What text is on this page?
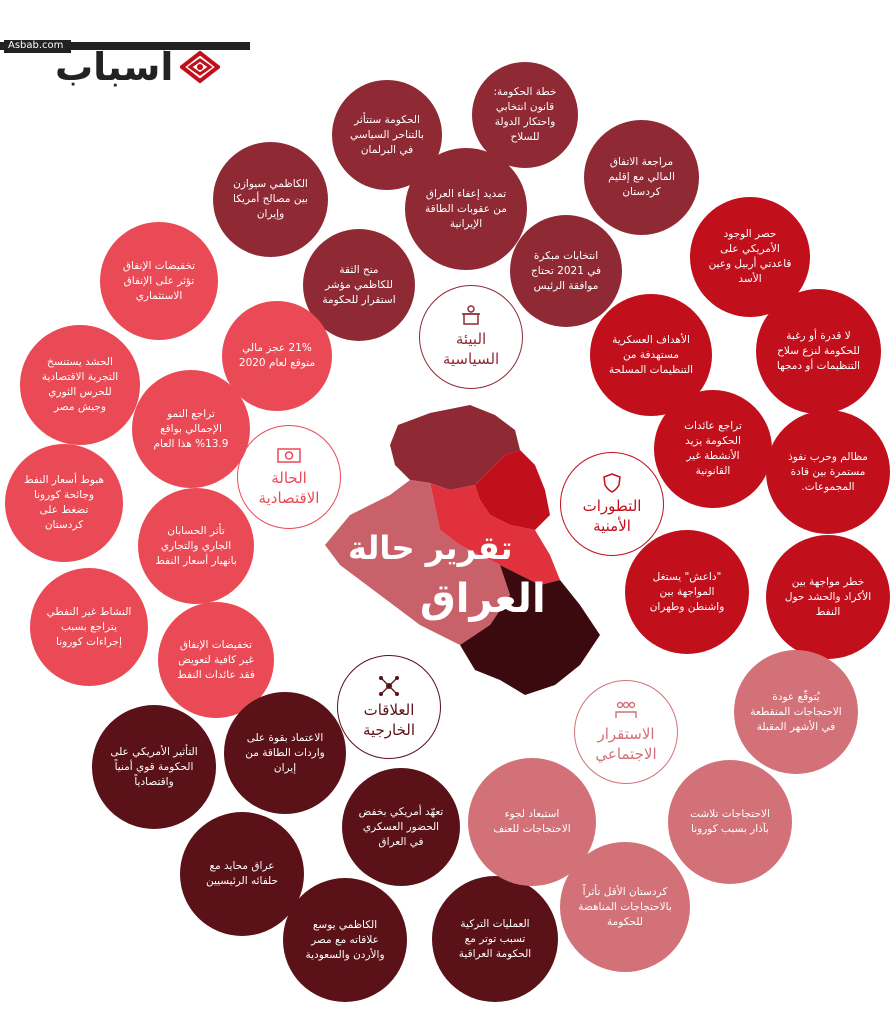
Asbab.com
أسباب
تقرير حالة
العراق
البيئة
السياسية
التطورات
الأمنية
الحالة
الاقتصادية
العلاقات
الخارجية	الاستقرار
الاجتماعي
خطة الحكومة: قانون انتخابي واحتكار الدولة للسلاح
الحكومة ستتأثر بالتناحر السياسي في البرلمان
مراجعة الاتفاق المالي مع إقليم كردستان
الكاظمي سيوازن بين مصالح أمريكا وإيران
تمديد إعفاء العراق من عقوبات الطاقة الإيرانية
انتخابات مبكرة في 2021 تحتاج موافقة الرئيس
منح الثقة للكاظمي مؤشر استقرار للحكومة
حصر الوجود الأمريكي على قاعدتي أربيل وعين الأسد
لا قدرة أو رغبة للحكومة لنزع سلاح التنظيمات أو دمجها
الأهداف العسكرية مستهدفة من التنظيمات المسلحة
تراجع عائدات الحكومة يزيد الأنشطة غير القانونية
مظالم وحرب نفوذ مستمرة بين قادة المجموعات.
"داعش" يستغل المواجهة بين واشنطن وطهران
خطر مواجهة بين الأكراد والحشد حول النفط
تخفيضات الإنفاق تؤثر على الإنفاق الاستثماري
21% عجز مالي متوقع لعام 2020
الحشد يستنسخ التجربة الاقتصادية للحرس الثوري وجيش مصر
تراجع النمو الإجمالي بواقع 13.9% هذا العام
هبوط أسعار النفط وجائحة كورونا تضغط على كردستان	تأثر الحسابان الجاري والتجاري بانهيار أسعار النفط
النشاط غير النفطي يتراجع بسبب إجراءات كورونا	تخفيضات الإنفاق غير كافية لتعويض فقد عائدات النفط
الاعتماد بقوة على واردات الطاقة من إيران
التأثير الأمريكي على الحكومة قوي أمنياً واقتصادياً
تعهّد أمريكي بخفض الحضور العسكري في العراق
عراق محايد مع حلفائه الرئيسيين
الكاظمي يوسع علاقاته مع مصر والأردن والسعودية
العمليات التركية تسبب توتر مع الحكومة العراقية
يُتوقّع عودة الاحتجاجات المنقطعة في الأشهر المقبلة
الاحتجاجات تلاشت بآذار بسبب كورونا
استبعاد لجوء الاحتجاجات للعنف
كردستان الأقل تأثراً بالاحتجاجات المناهضة للحكومة
